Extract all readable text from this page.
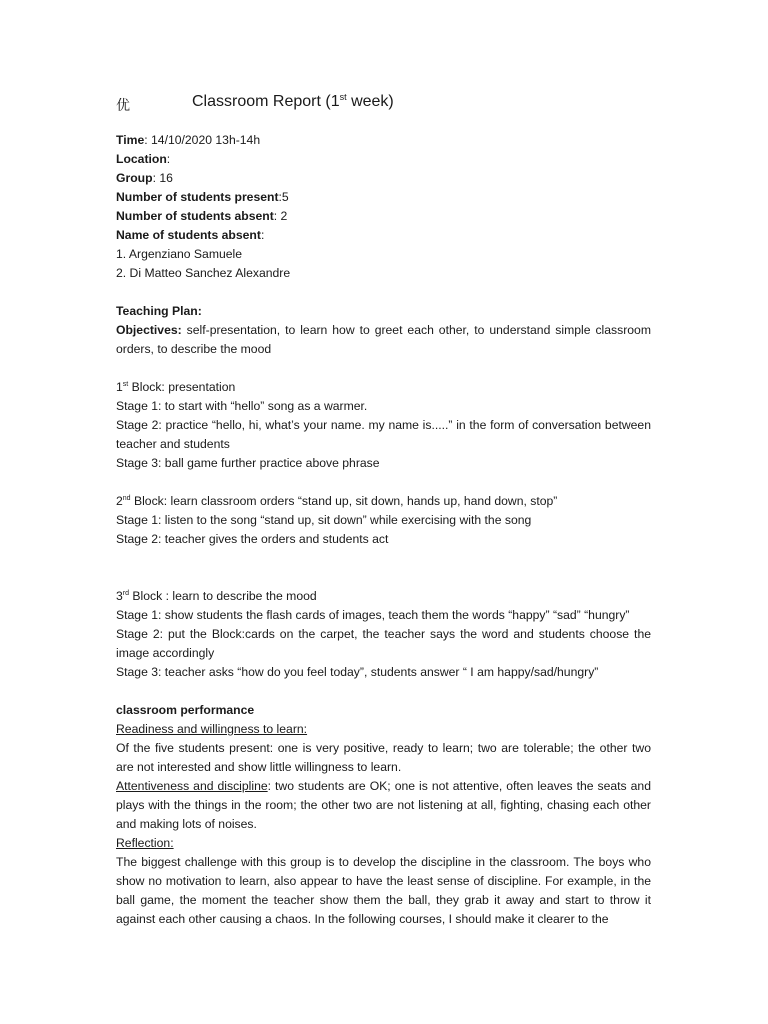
优	Classroom Report (1st week)
Time: 14/10/2020 13h-14h
Location:
Group: 16
Number of students present:5
Number of students absent: 2
Name of students absent:
1. Argenziano Samuele
2. Di Matteo Sanchez Alexandre
Teaching Plan:
Objectives: self-presentation, to learn how to greet each other, to understand simple classroom orders, to describe the mood
1st Block: presentation
Stage 1: to start with “hello” song as a warmer.
Stage 2: practice “hello, hi, what’s your name. my name is.....” in the form of conversation between teacher and students
Stage 3: ball game further practice above phrase
2nd Block: learn classroom orders “stand up, sit down, hands up, hand down, stop”
Stage 1: listen to the song “stand up, sit down” while exercising with the song
Stage 2: teacher gives the orders and students act
3rd Block : learn to describe the mood
Stage 1: show students the flash cards of images, teach them the words “happy” “sad” “hungry”
Stage 2: put the Block:cards on the carpet, the teacher says the word and students choose the image accordingly
Stage 3: teacher asks “how do you feel today”, students answer “ I am happy/sad/hungry”
classroom performance
Readiness and willingness to learn:
Of the five students present: one is very positive, ready to learn; two are tolerable; the other two are not interested and show little willingness to learn.
Attentiveness and discipline: two students are OK; one is not attentive, often leaves the seats and plays with the things in the room; the other two are not listening at all, fighting, chasing each other and making lots of noises.
Reflection:
The biggest challenge with this group is to develop the discipline in the classroom. The boys who show no motivation to learn, also appear to have the least sense of discipline. For example, in the ball game, the moment the teacher show them the ball, they grab it away and start to throw it against each other causing a chaos. In the following courses, I should make it clearer to the
